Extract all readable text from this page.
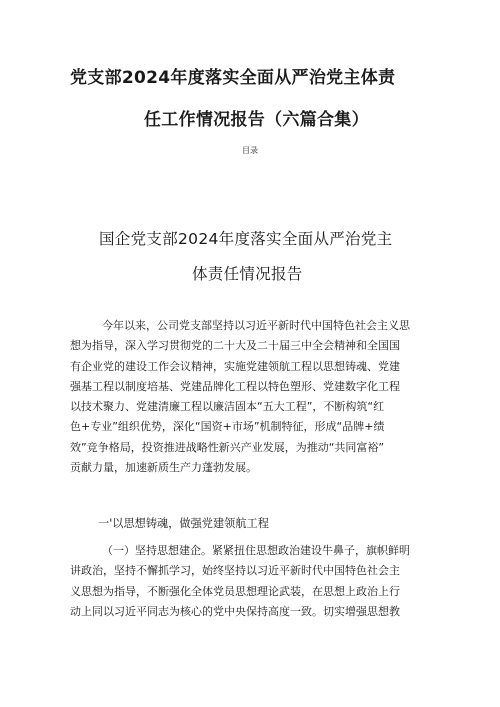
党支部2024年度落实全面从严治党主体责
任工作情况报告（六篇合集）
目录
国企党支部2024年度落实全面从严治党主
体责任情况报告
今年以来，公司党支部坚持以习近平新时代中国特色社会主义思
想为指导，深入学习贯彻党的二十大及二十届三中全会精神和全国国
有企业党的建设工作会议精神，实施党建领航工程以思想铸魂、党建
强基工程以制度培基、党建品牌化工程以特色塑形、党建数字化工程
以技术聚力、党建清廉工程以廉洁固本“五大工程”，不断构筑“红
色+专业”组织优势，深化“国资+市场”机制特征，形成“品牌+绩
效”竞争格局，投资推进战略性新兴产业发展，为推动“共同富裕”
贡献力量，加速新质生产力蓬勃发展。
一'以思想铸魂，做强党建领航工程
（一）坚持思想建企。紧紧扭住思想政治建设牛鼻子，旗帜鲜明
讲政治，坚持不懈抓学习，始终坚持以习近平新时代中国特色社会主
义思想为指导，不断强化全体党员思想理论武装，在思想上政治上行
动上同以习近平同志为核心的党中央保持高度一致。切实增强思想教
